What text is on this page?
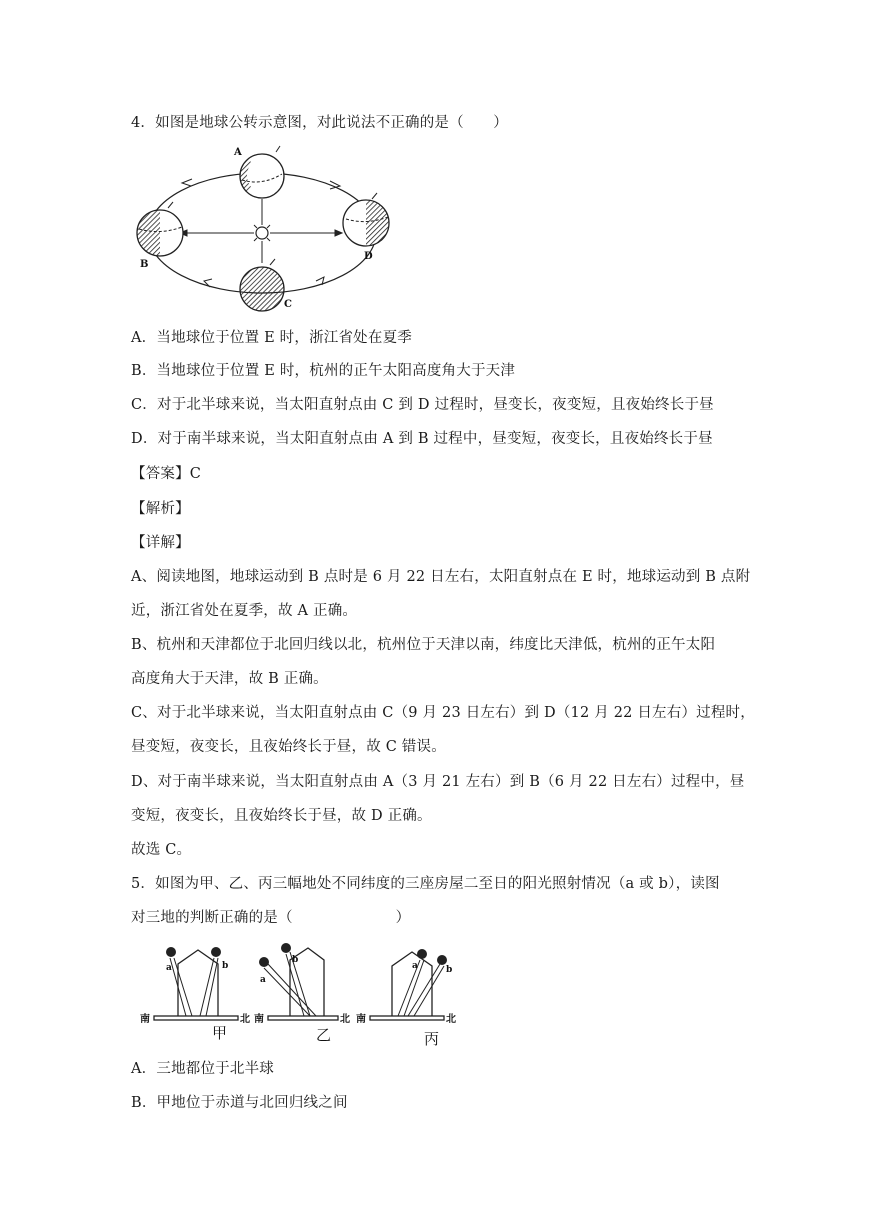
4．如图是地球公转示意图，对此说法不正确的是（　　）
A
B
C
D
A．当地球位于位置 E 时，浙江省处在夏季
B．当地球位于位置 E 时，杭州的正午太阳高度角大于天津
C．对于北半球来说，当太阳直射点由 C 到 D 过程时，昼变长，夜变短，且夜始终长于昼
D．对于南半球来说，当太阳直射点由 A 到 B 过程中，昼变短，夜变长，且夜始终长于昼
【答案】C
【解析】
【详解】
A、阅读地图，地球运动到 B 点时是 6 月 22 日左右，太阳直射点在 E 时，地球运动到 B 点附
近，浙江省处在夏季，故 A 正确。
B、杭州和天津都位于北回归线以北，杭州位于天津以南，纬度比天津低，杭州的正午太阳
高度角大于天津，故 B 正确。
C、对于北半球来说，当太阳直射点由 C（9 月 23 日左右）到 D（12 月 22 日左右）过程时，
昼变短，夜变长，且夜始终长于昼，故 C 错误。
D、对于南半球来说，当太阳直射点由 A（3 月 21 左右）到 B（6 月 22 日左右）过程中，昼
变短，夜变长，且夜始终长于昼，故 D 正确。
故选 C。
5．如图为甲、乙、丙三幅地处不同纬度的三座房屋二至日的阳光照射情况（a 或 b），读图
对三地的判断正确的是（　　　　　　　）
a	b
a
b
a	b
南	北 南	北 南	北
甲	乙	丙
A．三地都位于北半球
B．甲地位于赤道与北回归线之间
